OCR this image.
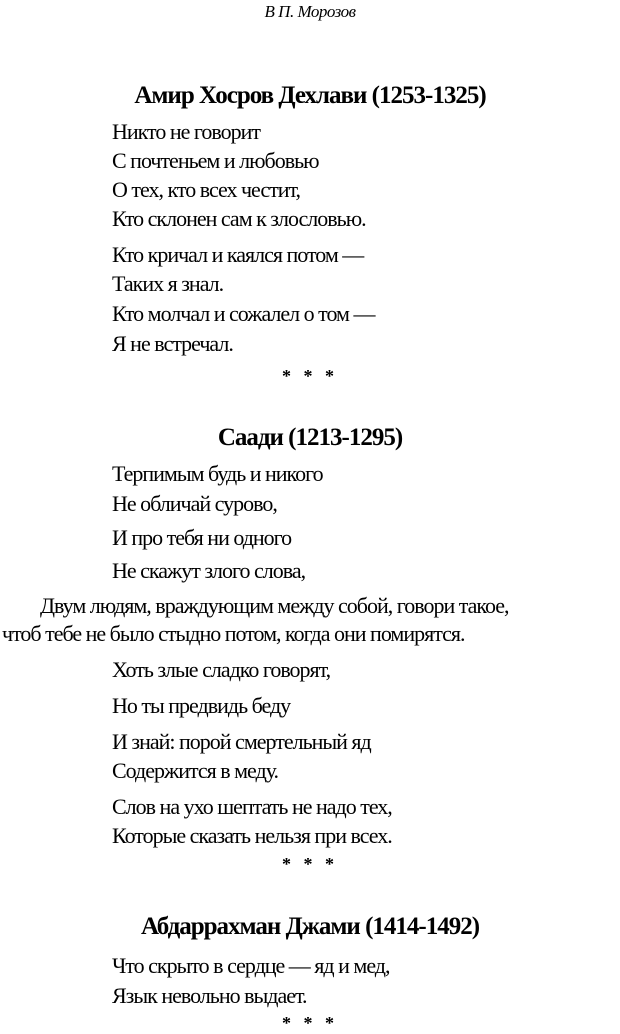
В П. Морозов
Амир Хосров Дехлави (1253-1325)
Никто не говорит
С почтеньем и любовью
О тех, кто всех честит,
Кто склонен сам к злословью.
Кто кричал и каялся потом —
Таких я знал.
Кто молчал и сожалел о том —
Я не встречал.
* * *
Саади (1213-1295)
Терпимым будь и никого
Не обличай сурово,
И про тебя ни одного
Не скажут злого слова,
Двум людям, враждующим между собой, говори такое,
чтоб тебе не было стыдно потом, когда они помирятся.
Хоть злые сладко говорят,
Но ты предвидь беду
И знай: порой смертельный яд
Содержится в меду.
Слов на ухо шептать не надо тех,
Которые сказать нельзя при всех.
* * *
Абдаррахман Джами (1414-1492)
Что скрыто в сердце — яд и мед,
Язык невольно выдает.
* * *
